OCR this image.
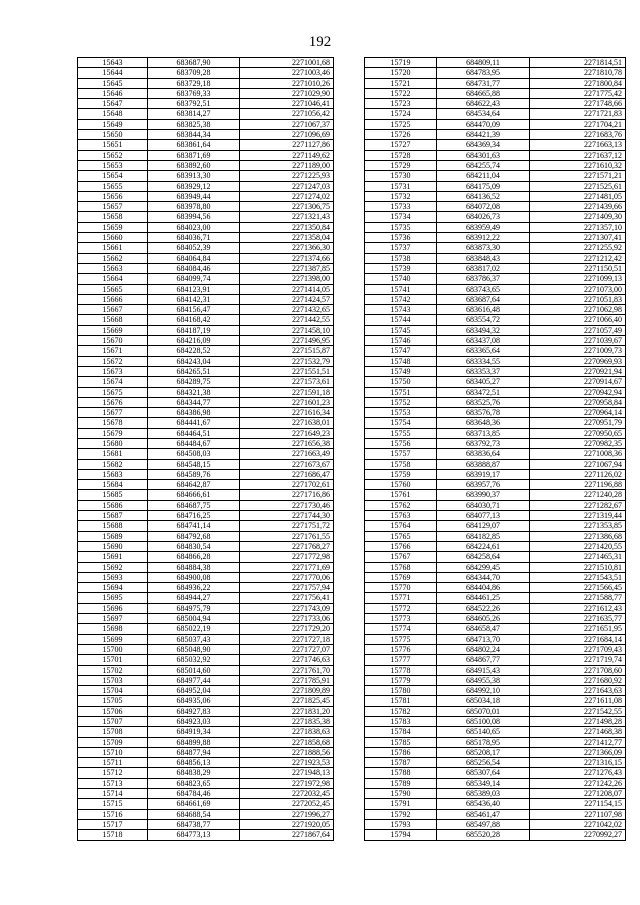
192
15643	683687,90	2271001,68
15644	683709,28	2271003,46
15645	683729,18	2271010,26
15646	683769,33	2271029,90
15647	683792,51	2271046,41
15648	683814,27	2271056,42
15649	683825,38	2271067,37
15650	683844,34	2271096,69
15651	683861,64	2271127,86
15652	683871,69	2271149,62
15653	683892,60	2271189,00
15654	683913,30	2271225,93
15655	683929,12	2271247,03
15656	683949,44	2271274,02
15657	683978,80	2271306,75
15658	683994,56	2271321,43
15659	684023,00	2271350,84
15660	684036,71	2271358,04
15661	684052,39	2271366,30
15662	684064,84	2271374,66
15663	684084,46	2271387,85
15664	684099,74	2271398,00
15665	684123,91	2271414,05
15666	684142,31	2271424,57
15667	684156,47	2271432,65
15668	684168,42	2271442,55
15669	684187,19	2271458,10
15670	684216,09	2271496,95
15671	684228,52	2271515,87
15672	684243,04	2271532,79
15673	684265,51	2271551,51
15674	684289,75	2271573,61
15675	684321,38	2271591,18
15676	684344,77	2271601,23
15677	684386,98	2271616,34
15678	684441,67	2271638,01
15679	684464,51	2271649,23
15680	684484,67	2271656,38
15681	684508,03	2271663,49
15682	684548,15	2271673,67
15683	684589,76	2271686,47
15684	684642,87	2271702,61
15685	684666,61	2271716,86
15686	684687,75	2271730,46
15687	684716,25	2271744,30
15688	684741,14	2271751,72
15689	684792,68	2271761,55
15690	684830,54	2271768,27
15691	684866,28	2271772,98
15692	684884,38	2271771,69
15693	684900,08	2271770,06
15694	684936,22	2271757,94
15695	684944,27	2271756,41
15696	684975,79	2271743,09
15697	685004,94	2271733,06
15698	685022,19	2271729,20
15699	685037,43	2271727,18
15700	685048,90	2271727,07
15701	685032,92	2271746,63
15702	685014,60	2271761,70
15703	684977,44	2271785,91
15704	684952,04	2271809,89
15705	684935,06	2271825,45
15706	684927,83	2271831,20
15707	684923,03	2271835,38
15708	684919,34	2271838,63
15709	684899,88	2271858,68
15710	684877,94	2271888,56
15711	684856,13	2271923,53
15712	684838,29	2271948,13
15713	684823,65	2271972,98
15714	684784,46	2272032,45
15715	684661,69	2272052,45
15716	684688,54	2271996,27
15717	684738,77	2271920,05
15718	684773,13	2271867,64
15719	684809,11	2271814,51
15720	684783,95	2271810,78
15721	684731,77	2271800,84
15722	684665,88	2271775,42
15723	684622,43	2271748,66
15724	684534,64	2271721,83
15725	684470,09	2271704,21
15726	684421,39	2271683,76
15727	684369,34	2271663,13
15728	684301,63	2271637,12
15729	684255,74	2271610,32
15730	684211,04	2271571,21
15731	684175,09	2271525,61
15732	684136,52	2271481,05
15733	684072,08	2271439,66
15734	684026,73	2271409,30
15735	683959,49	2271357,10
15736	683912,22	2271307,41
15737	683873,30	2271255,92
15738	683848,43	2271212,42
15739	683817,02	2271150,51
15740	683786,37	2271099,13
15741	683743,65	2271073,00
15742	683687,64	2271051,83
15743	683616,48	2271062,98
15744	683554,72	2271066,40
15745	683494,32	2271057,49
15746	683437,08	2271039,67
15747	683365,64	2271009,73
15748	683334,55	2270969,93
15749	683353,37	2270921,94
15750	683405,27	2270914,67
15751	683472,51	2270942,94
15752	683525,76	2270958,84
15753	683576,78	2270964,14
15754	683648,36	2270951,79
15755	683713,85	2270950,65
15756	683792,73	2270982,35
15757	683836,64	2271008,36
15758	683888,87	2271067,94
15759	683919,17	2271126,02
15760	683957,76	2271196,88
15761	683990,37	2271240,28
15762	684030,71	2271282,67
15763	684077,13	2271319,44
15764	684129,07	2271353,85
15765	684182,85	2271386,68
15766	684224,61	2271420,55
15767	684258,64	2271465,31
15768	684299,45	2271510,81
15769	684344,70	2271543,51
15770	684404,86	2271566,45
15771	684461,25	2271588,77
15772	684522,26	2271612,43
15773	684605,26	2271635,77
15774	684658,47	2271651,95
15775	684713,70	2271684,14
15776	684802,24	2271709,43
15777	684867,77	2271719,74
15778	684915,43	2271708,60
15779	684955,38	2271680,92
15780	684992,10	2271643,63
15781	685034,18	2271611,08
15782	685070,01	2271542,55
15783	685100,08	2271498,28
15784	685140,65	2271468,38
15785	685178,95	2271412,77
15786	685208,17	2271366,09
15787	685256,54	2271316,15
15788	685307,64	2271276,43
15789	685349,14	2271242,26
15790	685389,03	2271208,07
15791	685436,40	2271154,15
15792	685461,47	2271107,98
15793	685497,88	2271042,02
15794	685520,28	2270992,27
